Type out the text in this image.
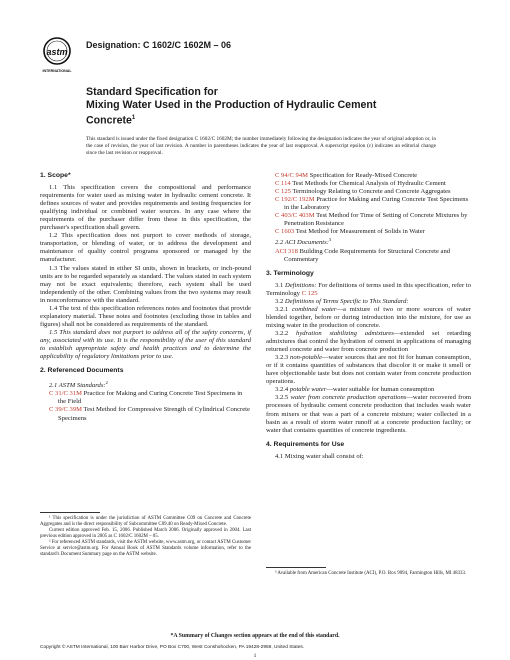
astm
INTERNATIONAL
Designation: C 1602/C 1602M – 06
Standard Specification for
Mixing Water Used in the Production of Hydraulic Cement
Concrete$^1$
This standard is issued under the fixed designation C 1602/C 1602M; the number immediately following the designation indicates the year of original adoption or, in the case of revision, the year of last revision. A number in parentheses indicates the year of last reapproval. A superscript epsilon (ε) indicates an editorial change since the last revision or reapproval.

1. Scope*

1.1 This specification covers the compositional and performance requirements for water used as mixing water in hydraulic cement concrete. It defines sources of water and provides requirements and testing frequencies for qualifying individual or combined water sources. In any case where the requirements of the purchaser differ from these in this specification, the purchaser's specification shall govern.

1.2 This specification does not purport to cover methods of storage, transportation, or blending of water, or to address the development and maintenance of quality control programs sponsored or managed by the manufacturer.

1.3 The values stated in either SI units, shown in brackets, or inch-pound units are to be regarded separately as standard. The values stated in each system may not be exact equivalents; therefore, each system shall be used independently of the other. Combining values from the two systems may result in nonconformance with the standard.

1.4 The text of this specification references notes and footnotes that provide explanatory material. These notes and footnotes (excluding those in tables and figures) shall not be considered as requirements of the standard.

1.5 This standard does not purport to address all of the safety concerns, if any, associated with its use. It is the responsibility of the user of this standard to establish appropriate safety and health practices and to determine the applicability of regulatory limitations prior to use.

2. Referenced Documents

2.1 ASTM Standards:$^2$

C 31/C 31M Practice for Making and Curing Concrete Test Specimens in the Field

C 39/C 39M Test Method for Compressive Strength of Cylindrical Concrete Specimens

C 94/C 94M Specification for Ready-Mixed Concrete

C 114 Test Methods for Chemical Analysis of Hydraulic Cement

C 125 Terminology Relating to Concrete and Concrete Aggregates

C 192/C 192M Practice for Making and Curing Concrete Test Specimens in the Laboratory

C 403/C 403M Test Method for Time of Setting of Concrete Mixtures by Penetration Resistance

C 1603 Test Method for Measurement of Solids in Water

2.2 ACI Documents:$^3$

ACI 318 Building Code Requirements for Structural Concrete and Commentary

3. Terminology

3.1 Definitions: For definitions of terms used in this specification, refer to Terminology C 125

3.2 Definitions of Terms Specific to This Standard:

3.2.1 combined water—a mixture of two or more sources of water blended together, before or during introduction into the mixture, for use as mixing water in the production of concrete.

3.2.2 hydration stabilizing admixtures—extended set retarding admixtures that control the hydration of cement in applications of managing returned concrete and water from concrete production

3.2.3 non-potable—water sources that are not fit for human consumption, or if it contains quantities of substances that discolor it or make it smell or have objectionable taste but does not contain water from concrete production operations.

3.2.4 potable water—water suitable for human consumption

3.2.5 water from concrete production operations—water recovered from processes of hydraulic cement concrete production that includes wash water from mixers or that was a part of a concrete mixture; water collected in a basin as a result of storm water runoff at a concrete production facility; or water that contains quantities of concrete ingredients.

4. Requirements for Use

4.1 Mixing water shall consist of:

¹ This specification is under the jurisdiction of ASTM Committee C09 on Concrete and Concrete Aggregates and is the direct responsibility of Subcommittee C09.40 on Ready-Mixed Concrete.

Current edition approved Feb. 15, 2006. Published March 2006. Originally approved in 2004. Last previous edition approved in 2005 as C 1602/C 1602M – 05.

² For referenced ASTM standards, visit the ASTM website, www.astm.org, or contact ASTM Customer Service at service@astm.org. For Annual Book of ASTM Standards volume information, refer to the standard's Document Summary page on the ASTM website.

³ Available from American Concrete Institute (ACI), P.O. Box 9094, Farmington Hills, MI 48333.

*A Summary of Changes section appears at the end of this standard.
Copyright © ASTM International, 100 Barr Harbor Drive, PO Box C700, West Conshohocken, PA 19428-2959, United States.
1
